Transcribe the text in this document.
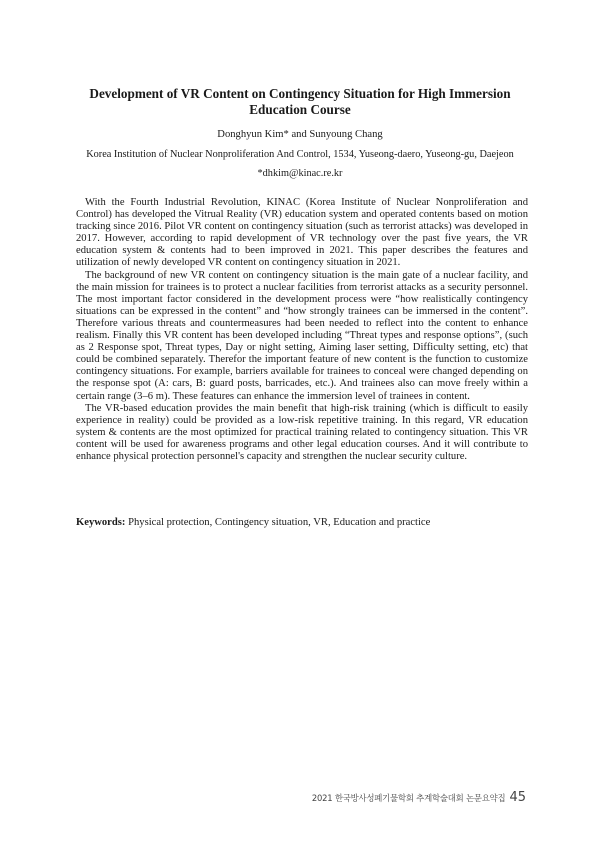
Development of VR Content on Contingency Situation for High Immersion Education Course
Donghyun Kim* and Sunyoung Chang
Korea Institution of Nuclear Nonproliferation And Control, 1534, Yuseong-daero, Yuseong-gu, Daejeon
*dhkim@kinac.re.kr

With the Fourth Industrial Revolution, KINAC (Korea Institute of Nuclear Nonproliferation and Control) has developed the Vitrual Reality (VR) education system and operated contents based on motion tracking since 2016. Pilot VR content on contingency situation (such as terrorist attacks) was developed in 2017. However, according to rapid development of VR technology over the past five years, the VR education system & contents had to been improved in 2021. This paper describes the features and utilization of newly developed VR content on contingency situation in 2021.

The background of new VR content on contingency situation is the main gate of a nuclear facility, and the main mission for trainees is to protect a nuclear facilities from terrorist attacks as a security personnel. The most important factor considered in the development process were “how realistically contingency situations can be expressed in the content” and “how strongly trainees can be immersed in the content”. Therefore various threats and countermeasures had been needed to reflect into the content to enhance realism. Finally this VR content has been developed including “Threat types and response options”, (such as 2 Response spot, Threat types, Day or night setting, Aiming laser setting, Difficulty setting, etc) that could be combined separately. Therefor the important feature of new content is the function to customize contingency situations. For example, barriers available for trainees to conceal were changed depending on the response spot (A: cars, B: guard posts, barricades, etc.). And trainees also can move freely within a certain range (3–6 m). These features can enhance the immersion level of trainees in content.

The VR-based education provides the main benefit that high-risk training (which is difficult to easily experience in reality) could be provided as a low-risk repetitive training. In this regard, VR education system & contents are the most optimized for practical training related to contingency situation. This VR content will be used for awareness programs and other legal education courses. And it will contribute to enhance physical protection personnel's capacity and strengthen the nuclear security culture.

Keywords: Physical protection, Contingency situation, VR, Education and practice
2021 한국방사성폐기물학회 추계학술대회 논문요약집 45
